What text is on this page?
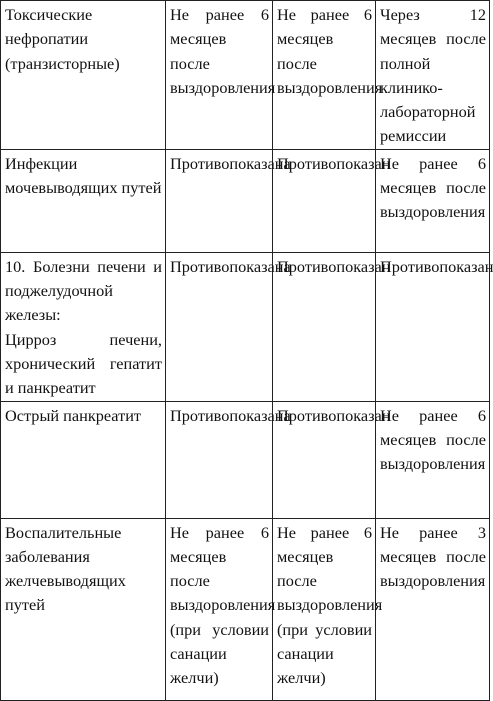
Токсические нефропатии (транзисторные)	Не ранее 6 месяцев после выздоровления	Не ранее 6 месяцев после выздоровления	Через 12 месяцев после полной клинико-лабораторной ремиссии
Инфекции мочевыводящих путей	Противопоказана	Противопоказан	Не ранее 6 месяцев после выздоровления

10. Болезни печени и поджелудочной железы:
Цирроз печени, хронический гепатит и панкреатит	Противопоказана	Противопоказан	Противопоказан
Острый панкреатит	Противопоказана	Противопоказан	Не ранее 6 месяцев после выздоровления
Воспалительные заболевания желчевыводящих путей	Не ранее 6 месяцев после выздоровления (при условии санации желчи)	Не ранее 6 месяцев после выздоровления (при условии санации желчи)	Не ранее 3 месяцев после выздоровления
